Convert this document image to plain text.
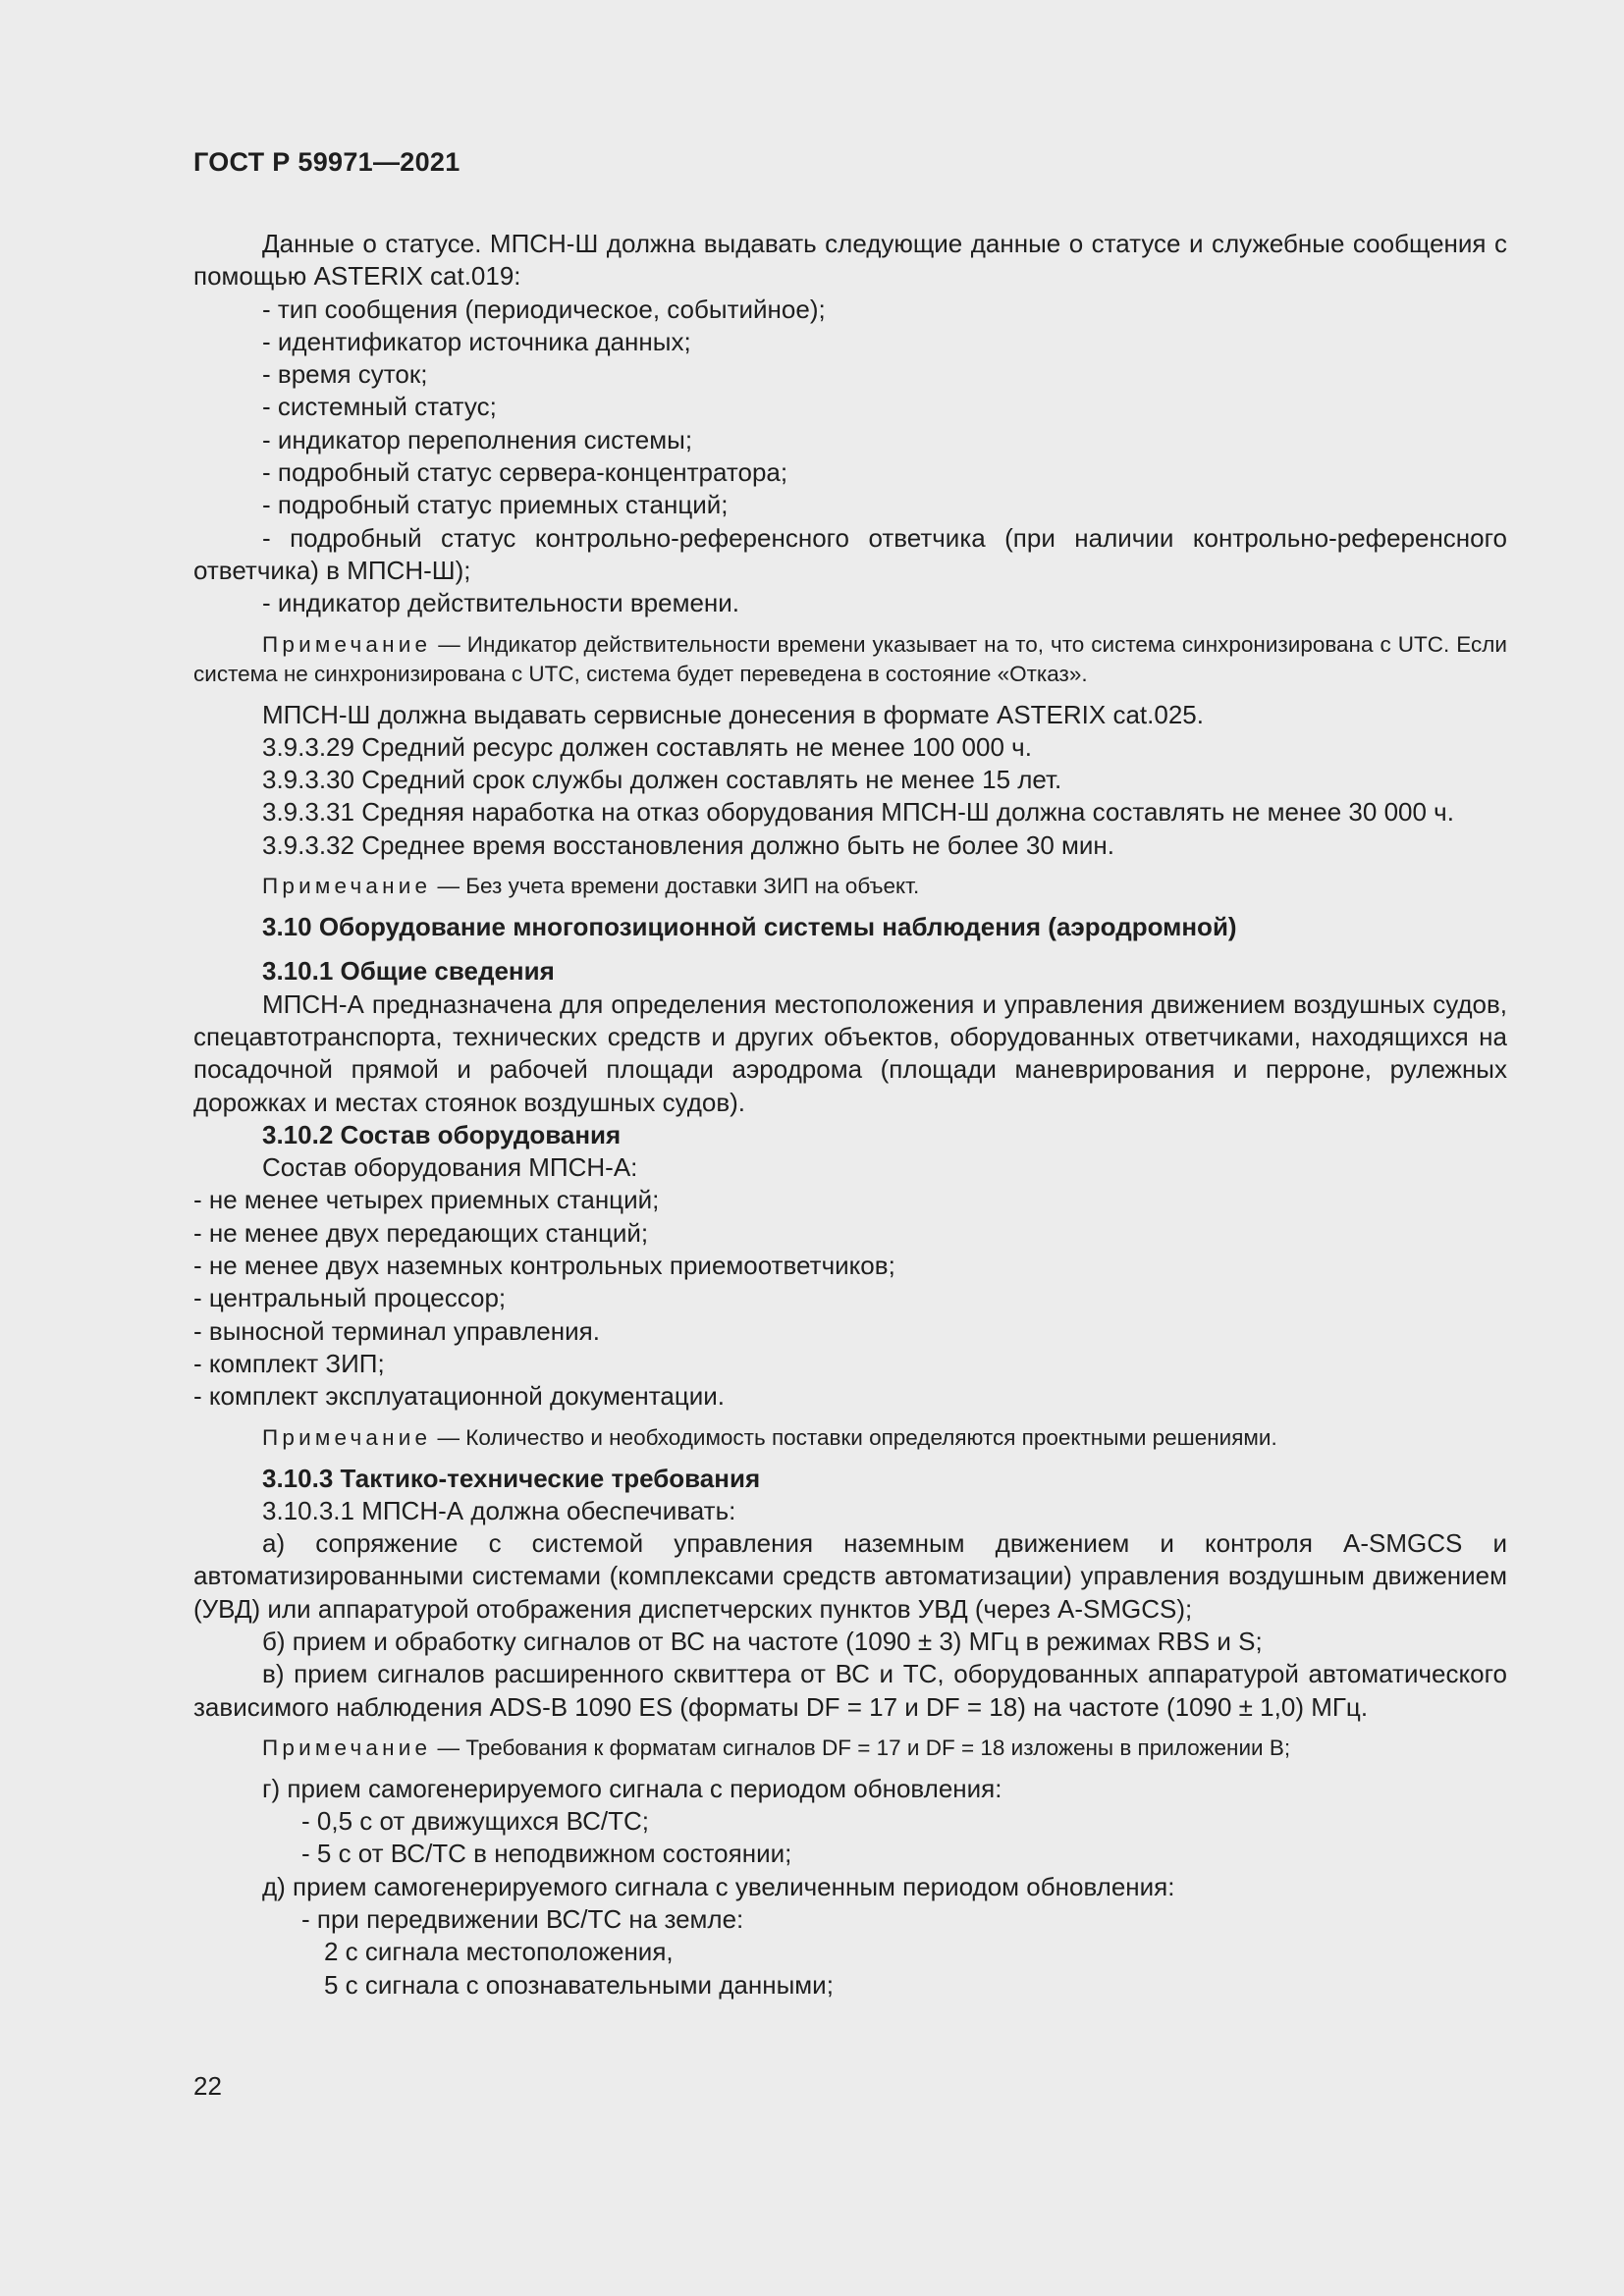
ГОСТ Р 59971—2021
Данные о статусе. МПСН-Ш должна выдавать следующие данные о статусе и служебные сообщения с помощью ASTERIX cat.019:
- тип сообщения (периодическое, событийное);
- идентификатор источника данных;
- время суток;
- системный статус;
- индикатор переполнения системы;
- подробный статус сервера-концентратора;
- подробный статус приемных станций;
- подробный статус контрольно-референсного ответчика (при наличии контрольно-референсного ответчика) в МПСН-Ш);
- индикатор действительности времени.
Примечание — Индикатор действительности времени указывает на то, что система синхронизирована с UTC. Если система не синхронизирована с UTC, система будет переведена в состояние «Отказ».
МПСН-Ш должна выдавать сервисные донесения в формате ASTERIX cat.025.
3.9.3.29 Средний ресурс должен составлять не менее 100 000 ч.
3.9.3.30 Средний срок службы должен составлять не менее 15 лет.
3.9.3.31 Средняя наработка на отказ оборудования МПСН-Ш должна составлять не менее 30 000 ч.
3.9.3.32 Среднее время восстановления должно быть не более 30 мин.
Примечание — Без учета времени доставки ЗИП на объект.
3.10 Оборудование многопозиционной системы наблюдения (аэродромной)
3.10.1 Общие сведения
МПСН-А предназначена для определения местоположения и управления движением воздушных судов, спецавтотранспорта, технических средств и других объектов, оборудованных ответчиками, находящихся на посадочной прямой и рабочей площади аэродрома (площади маневрирования и перроне, рулежных дорожках и местах стоянок воздушных судов).
3.10.2 Состав оборудования
Состав оборудования МПСН-А:
- не менее четырех приемных станций;
- не менее двух передающих станций;
- не менее двух наземных контрольных приемоответчиков;
- центральный процессор;
- выносной терминал управления.
- комплект ЗИП;
- комплект эксплуатационной документации.
Примечание — Количество и необходимость поставки определяются проектными решениями.
3.10.3 Тактико-технические требования
3.10.3.1 МПСН-А должна обеспечивать:
а) сопряжение с системой управления наземным движением и контроля A-SMGCS и автоматизированными системами (комплексами средств автоматизации) управления воздушным движением (УВД) или аппаратурой отображения диспетчерских пунктов УВД (через A-SMGCS);
б) прием и обработку сигналов от ВС на частоте (1090 ± 3) МГц в режимах RBS и S;
в) прием сигналов расширенного сквиттера от ВС и ТС, оборудованных аппаратурой автоматического зависимого наблюдения ADS-B 1090 ES (форматы DF = 17 и DF = 18) на частоте (1090 ± 1,0) МГц.
Примечание — Требования к форматам сигналов DF = 17 и DF = 18 изложены в приложении В;
г) прием самогенерируемого сигнала с периодом обновления:
- 0,5 с от движущихся ВС/ТС;
- 5 с от ВС/ТС в неподвижном состоянии;
д) прием самогенерируемого сигнала с увеличенным периодом обновления:
- при передвижении ВС/ТС на земле:
2 с сигнала местоположения,
5 с сигнала с опознавательными данными;
22
